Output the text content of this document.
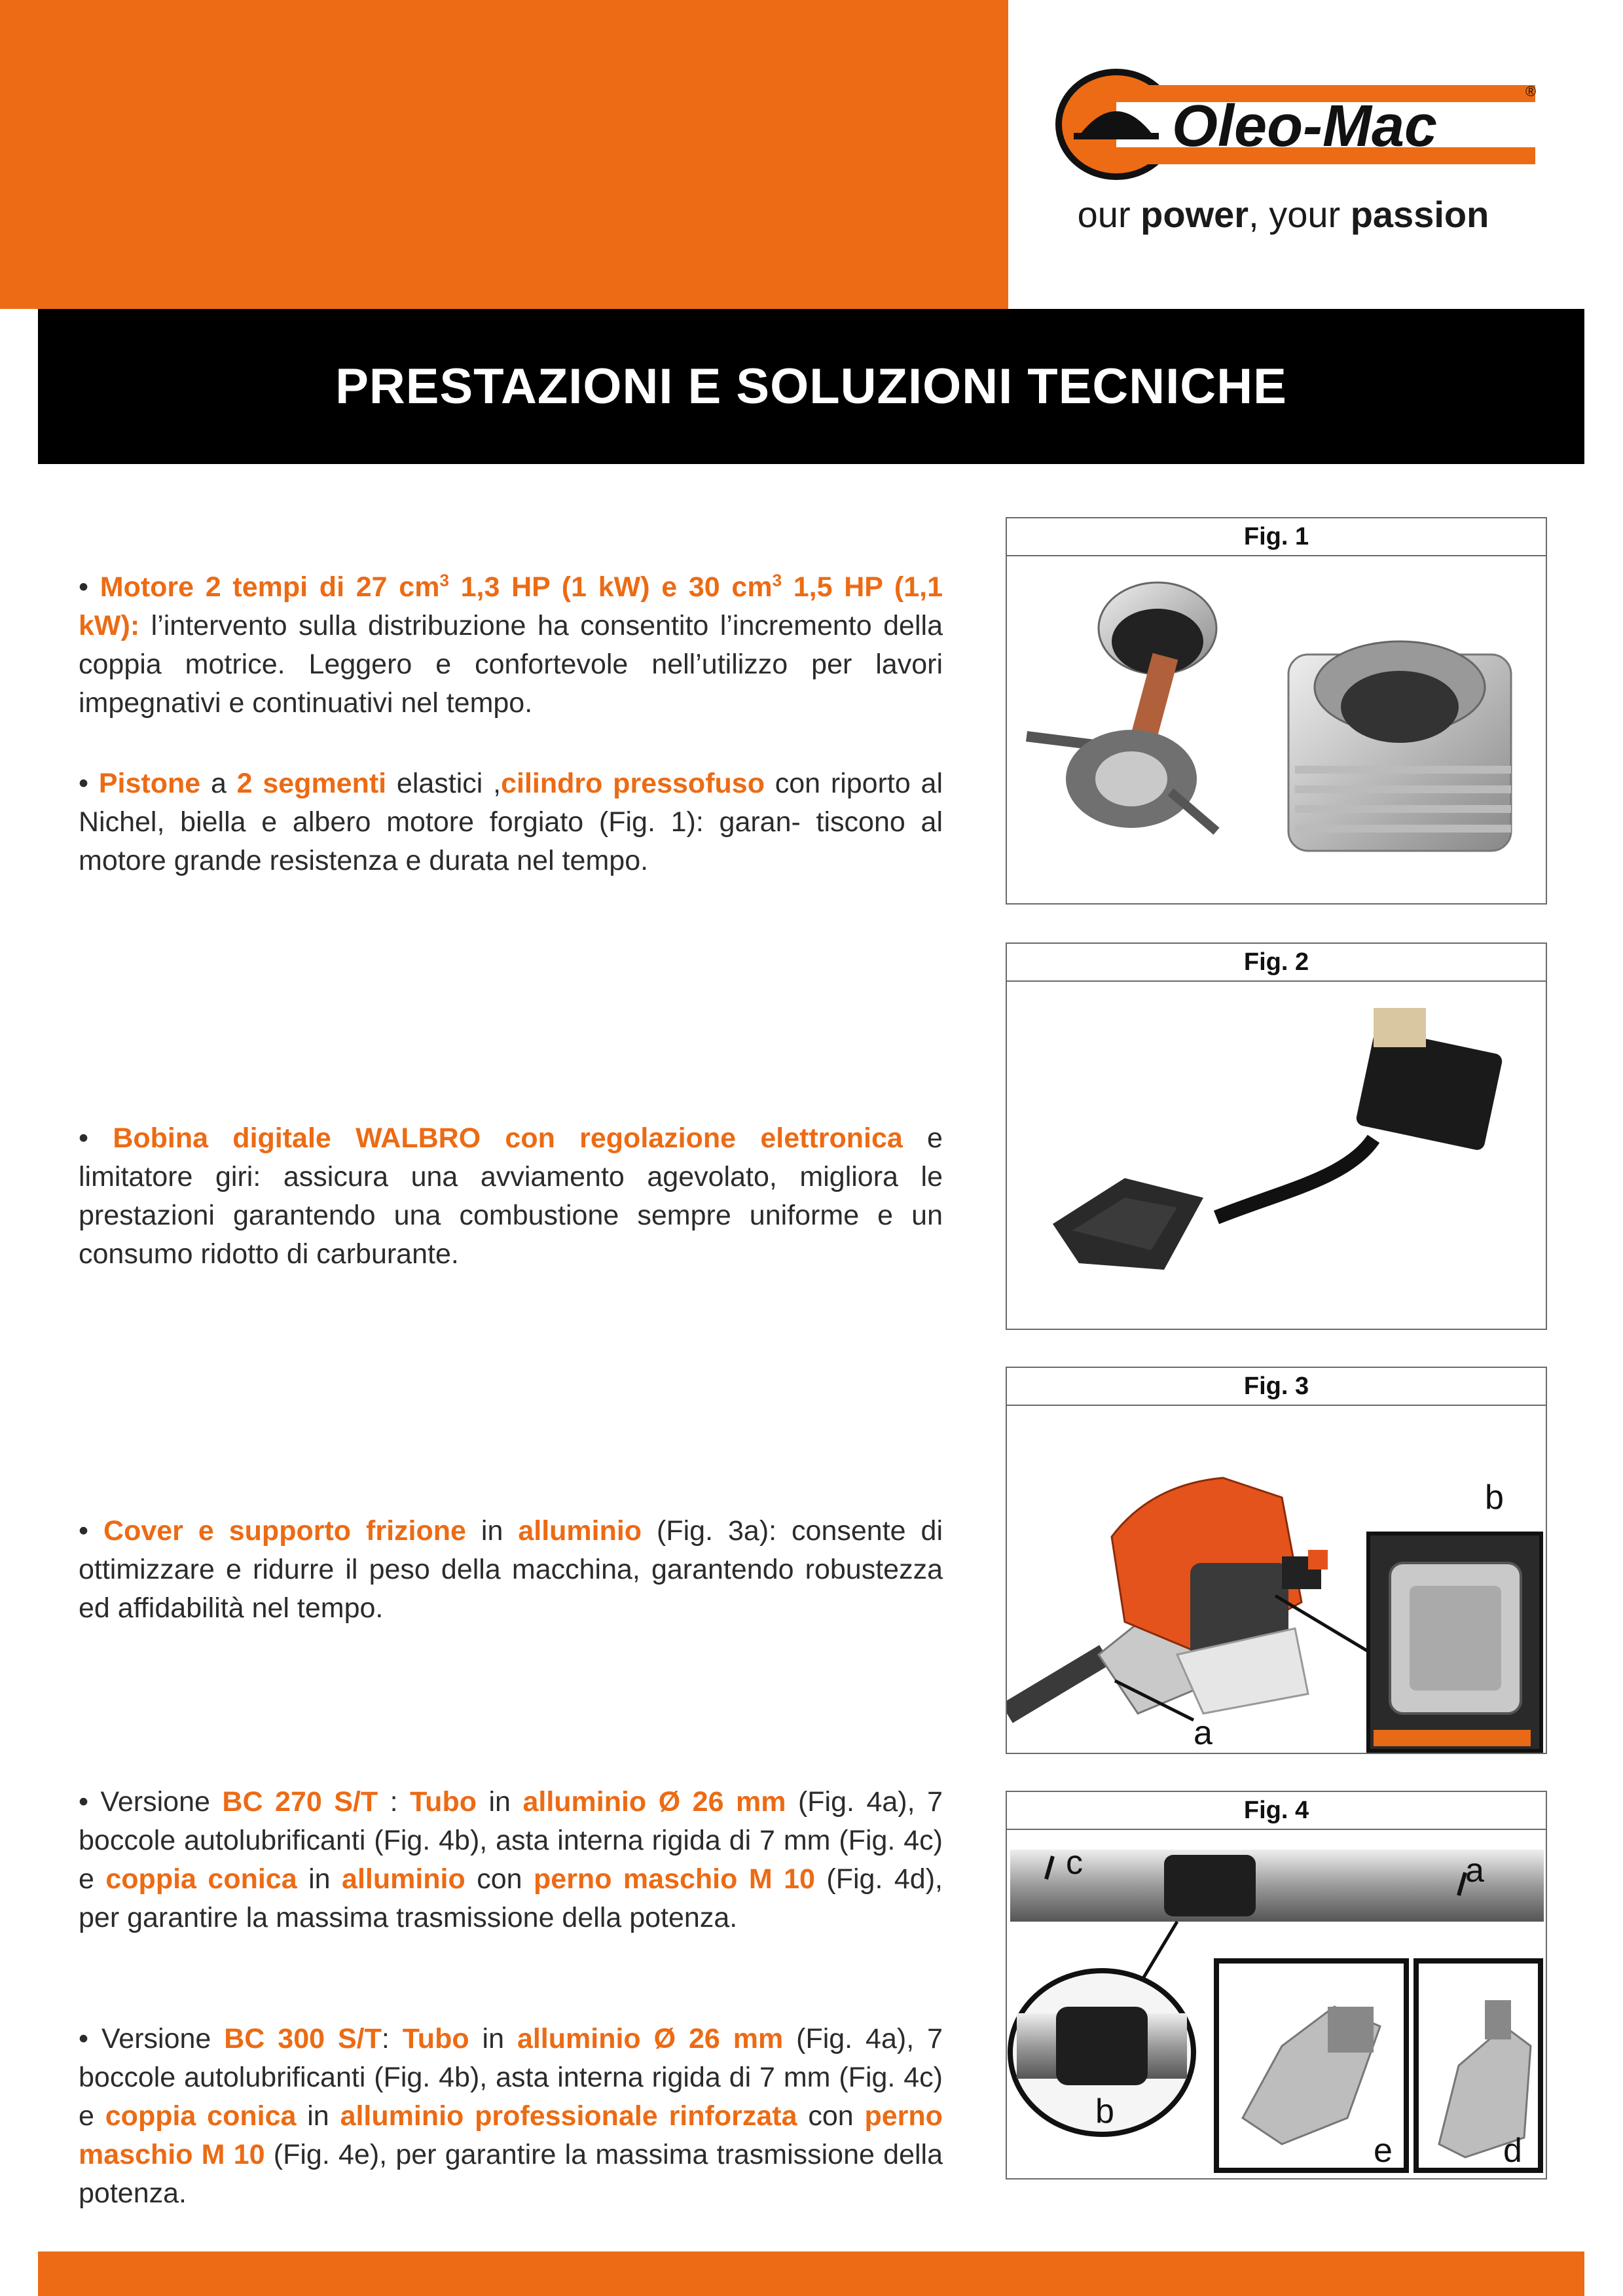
Oleo-Mac
®
our power, your passion
PRESTAZIONI E SOLUZIONI TECNICHE
• Motore 2 tempi di 27 $cm^3$ 1,3 HP (1 kW) e 30 $cm^3$ 1,5 HP (1,1 kW): l’intervento sulla distribuzione ha consentito l’incremento della coppia motrice. Leggero e confortevole nell’utilizzo per lavori impegnativi e continuativi nel tempo.
• Pistone a 2 segmenti elastici ,cilindro pressofuso con riporto al Nichel, biella e albero motore forgiato (Fig. 1): garan- tiscono al motore grande resistenza e durata nel tempo.
• Bobina digitale WALBRO con regolazione elettronica e limitatore giri: assicura una avviamento agevolato, migliora le prestazioni garantendo una combustione sempre uniforme e un consumo ridotto di carburante.
• Cover e supporto frizione in alluminio (Fig. 3a): consente di ottimizzare e ridurre il peso della macchina, garantendo robustezza ed affidabilità nel tempo.
• Versione BC 270 S/T : Tubo in alluminio Ø 26 mm (Fig. 4a), 7 boccole autolubrificanti (Fig. 4b), asta interna rigida di 7 mm (Fig. 4c) e coppia conica in alluminio con perno maschio M 10 (Fig. 4d), per garantire la massima trasmissione della potenza.
• Versione BC 300 S/T: Tubo in alluminio Ø 26 mm (Fig. 4a), 7 boccole autolubrificanti (Fig. 4b), asta interna rigida di 7 mm (Fig. 4c) e coppia conica in alluminio professionale rinforzata con perno maschio M 10 (Fig. 4e), per garantire la massima trasmissione della potenza.
Fig. 1
Fig. 2
Fig. 3
b
a
Fig. 4
c	a
b
e	d
